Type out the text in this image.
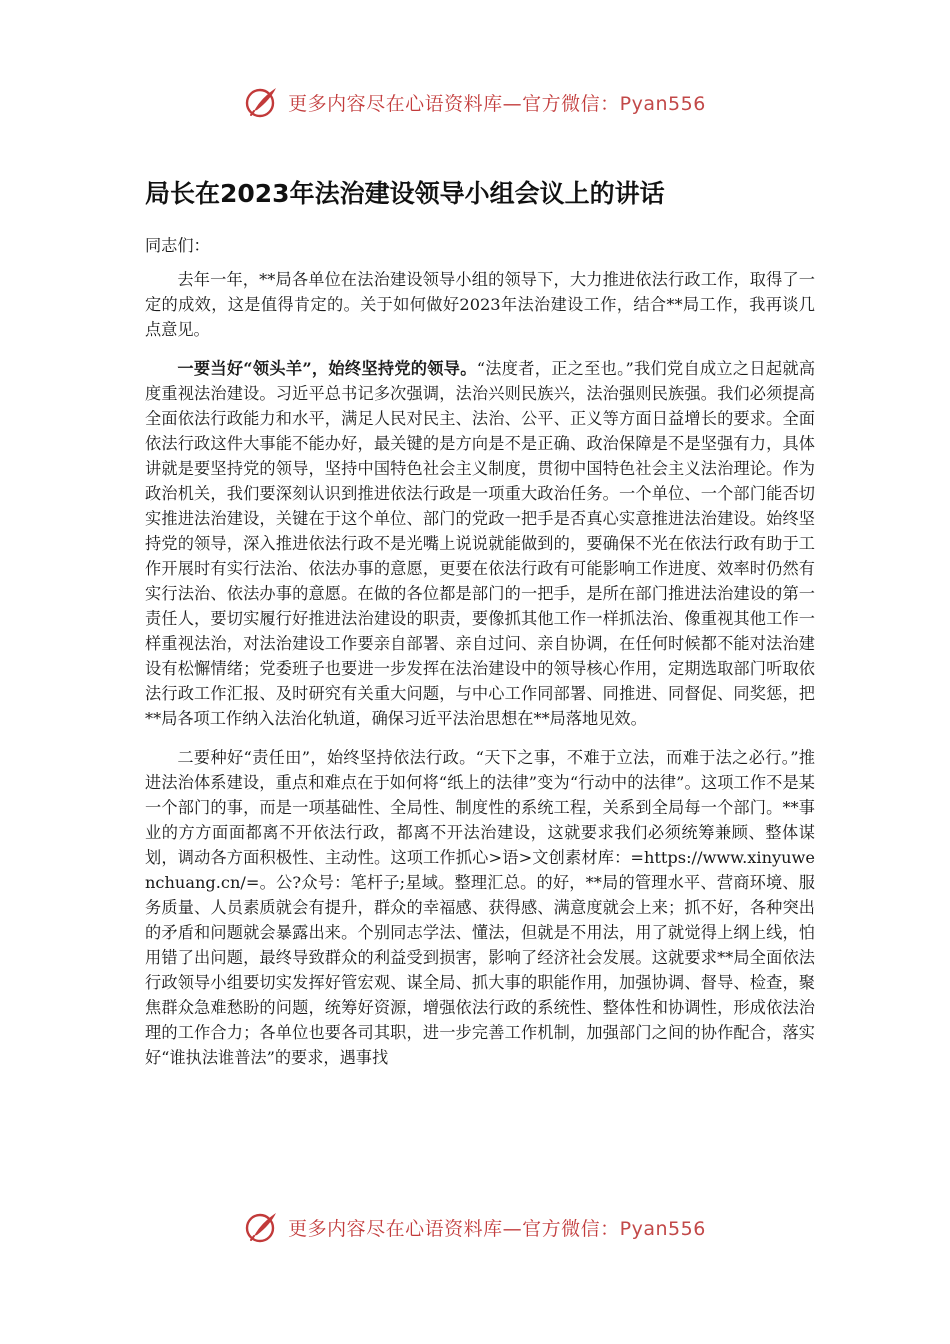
更多内容尽在心语资料库—官方微信：Pyan556
局长在2023年法治建设领导小组会议上的讲话

同志们：

去年一年，**局各单位在法治建设领导小组的领导下，大力推进依法行政工作，取得了一定的成效，这是值得肯定的。关于如何做好2023年法治建设工作，结合**局工作，我再谈几点意见。

一要当好“领头羊”，始终坚持党的领导。“法度者，正之至也。”我们党自成立之日起就高度重视法治建设。习近平总书记多次强调，法治兴则民族兴，法治强则民族强。我们必须提高全面依法行政能力和水平，满足人民对民主、法治、公平、正义等方面日益增长的要求。全面依法行政这件大事能不能办好，最关键的是方向是不是正确、政治保障是不是坚强有力，具体讲就是要坚持党的领导，坚持中国特色社会主义制度，贯彻中国特色社会主义法治理论。作为政治机关，我们要深刻认识到推进依法行政是一项重大政治任务。一个单位、一个部门能否切实推进法治建设，关键在于这个单位、部门的党政一把手是否真心实意推进法治建设。始终坚持党的领导，深入推进依法行政不是光嘴上说说就能做到的，要确保不光在依法行政有助于工作开展时有实行法治、依法办事的意愿，更要在依法行政有可能影响工作进度、效率时仍然有实行法治、依法办事的意愿。在做的各位都是部门的一把手，是所在部门推进法治建设的第一责任人，要切实履行好推进法治建设的职责，要像抓其他工作一样抓法治、像重视其他工作一样重视法治，对法治建设工作要亲自部署、亲自过问、亲自协调，在任何时候都不能对法治建设有松懈情绪；党委班子也要进一步发挥在法治建设中的领导核心作用，定期选取部门听取依法行政工作汇报、及时研究有关重大问题，与中心工作同部署、同推进、同督促、同奖惩，把**局各项工作纳入法治化轨道，确保习近平法治思想在**局落地见效。

二要种好“责任田”，始终坚持依法行政。“天下之事，不难于立法，而难于法之必行。”推进法治体系建设，重点和难点在于如何将“纸上的法律”变为“行动中的法律”。这项工作不是某一个部门的事，而是一项基础性、全局性、制度性的系统工程，关系到全局每一个部门。**事业的方方面面都离不开依法行政，都离不开法治建设，这就要求我们必须统筹兼顾、整体谋划，调动各方面积极性、主动性。这项工作抓心>语>文创素材库：=https://www.xinyuwenchuang.cn/=。公?众号：笔杆子;星域。整理汇总。的好，**局的管理水平、营商环境、服务质量、人员素质就会有提升，群众的幸福感、获得感、满意度就会上来；抓不好，各种突出的矛盾和问题就会暴露出来。个别同志学法、懂法，但就是不用法，用了就觉得上纲上线，怕用错了出问题，最终导致群众的利益受到损害，影响了经济社会发展。这就要求**局全面依法行政领导小组要切实发挥好管宏观、谋全局、抓大事的职能作用，加强协调、督导、检查，聚焦群众急难愁盼的问题，统筹好资源，增强依法行政的系统性、整体性和协调性，形成依法治理的工作合力；各单位也要各司其职，进一步完善工作机制，加强部门之间的协作配合，落实好“谁执法谁普法”的要求，遇事找

更多内容尽在心语资料库—官方微信：Pyan556
